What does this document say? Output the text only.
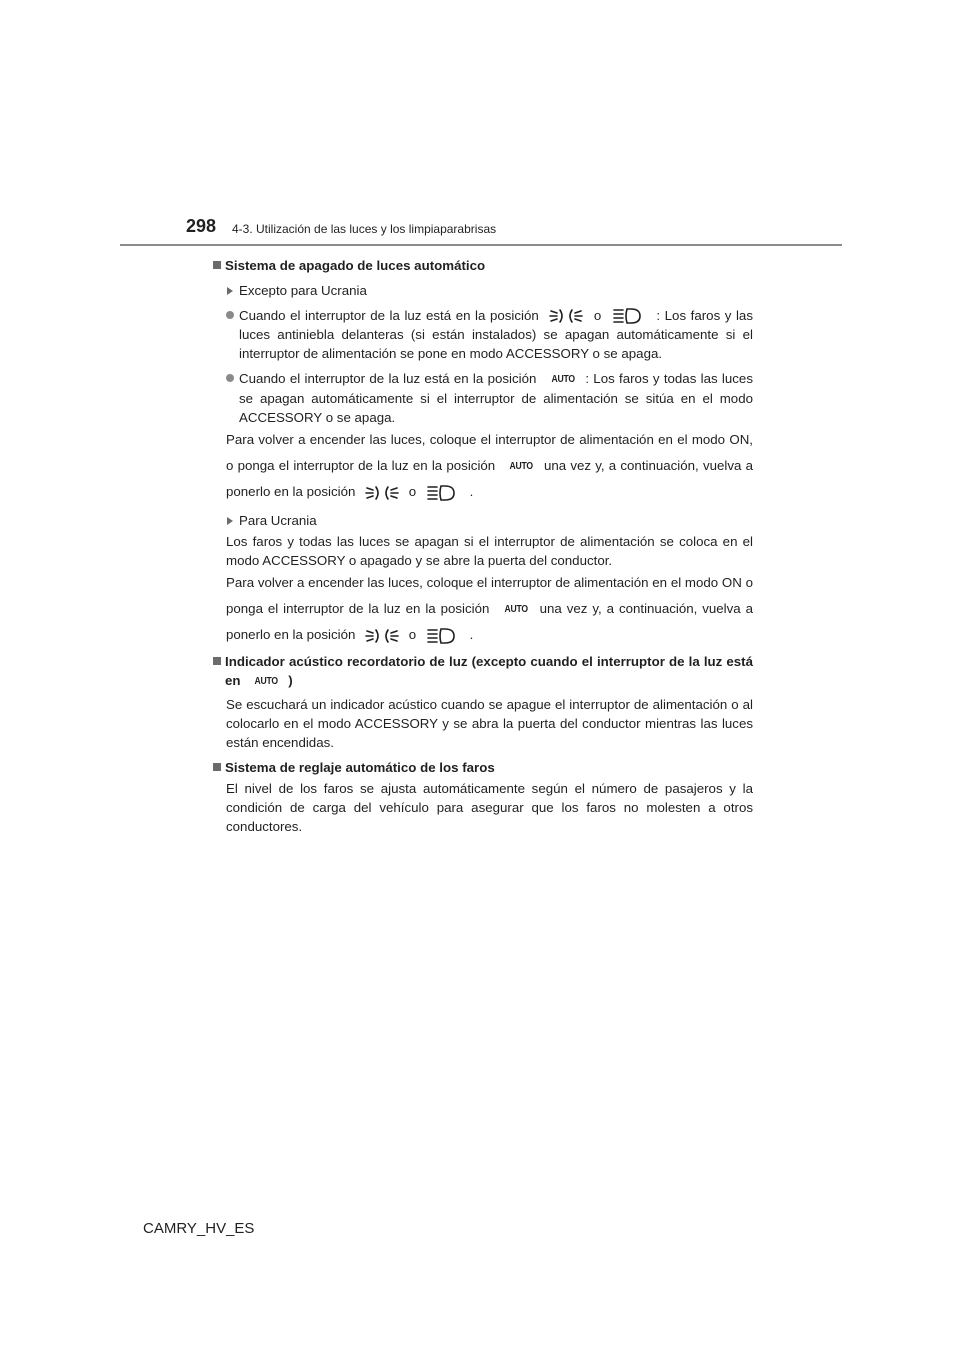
298 4-3. Utilización de las luces y los limpiaparabrisas
Sistema de apagado de luces automático
Excepto para Ucrania
Cuando el interruptor de la luz está en la posición	o	: Los faros y las luces antiniebla delanteras (si están instalados) se apagan automáticamente si el interruptor de alimentación se pone en modo ACCESSORY o se apaga.
Cuando el interruptor de la luz está en la posición AUTO : Los faros y todas las luces se apagan automáticamente si el interruptor de alimentación se sitúa en el modo ACCESSORY o se apaga.
Para volver a encender las luces, coloque el interruptor de alimentación en el modo ON, o ponga el interruptor de la luz en la posición AUTO una vez y, a continuación, vuelva a ponerlo en la posición	o	.
Para Ucrania
Los faros y todas las luces se apagan si el interruptor de alimentación se coloca en el modo ACCESSORY o apagado y se abre la puerta del conductor.
Para volver a encender las luces, coloque el interruptor de alimentación en el modo ON o ponga el interruptor de la luz en la posición AUTO una vez y, a continuación, vuelva a ponerlo en la posición	o	.
Indicador acústico recordatorio de luz (excepto cuando el interruptor de la luz está en AUTO )
Se escuchará un indicador acústico cuando se apague el interruptor de alimentación o al colocarlo en el modo ACCESSORY y se abra la puerta del conductor mientras las luces están encendidas.
Sistema de reglaje automático de los faros
El nivel de los faros se ajusta automáticamente según el número de pasajeros y la condición de carga del vehículo para asegurar que los faros no molesten a otros conductores.
CAMRY_HV_ES
